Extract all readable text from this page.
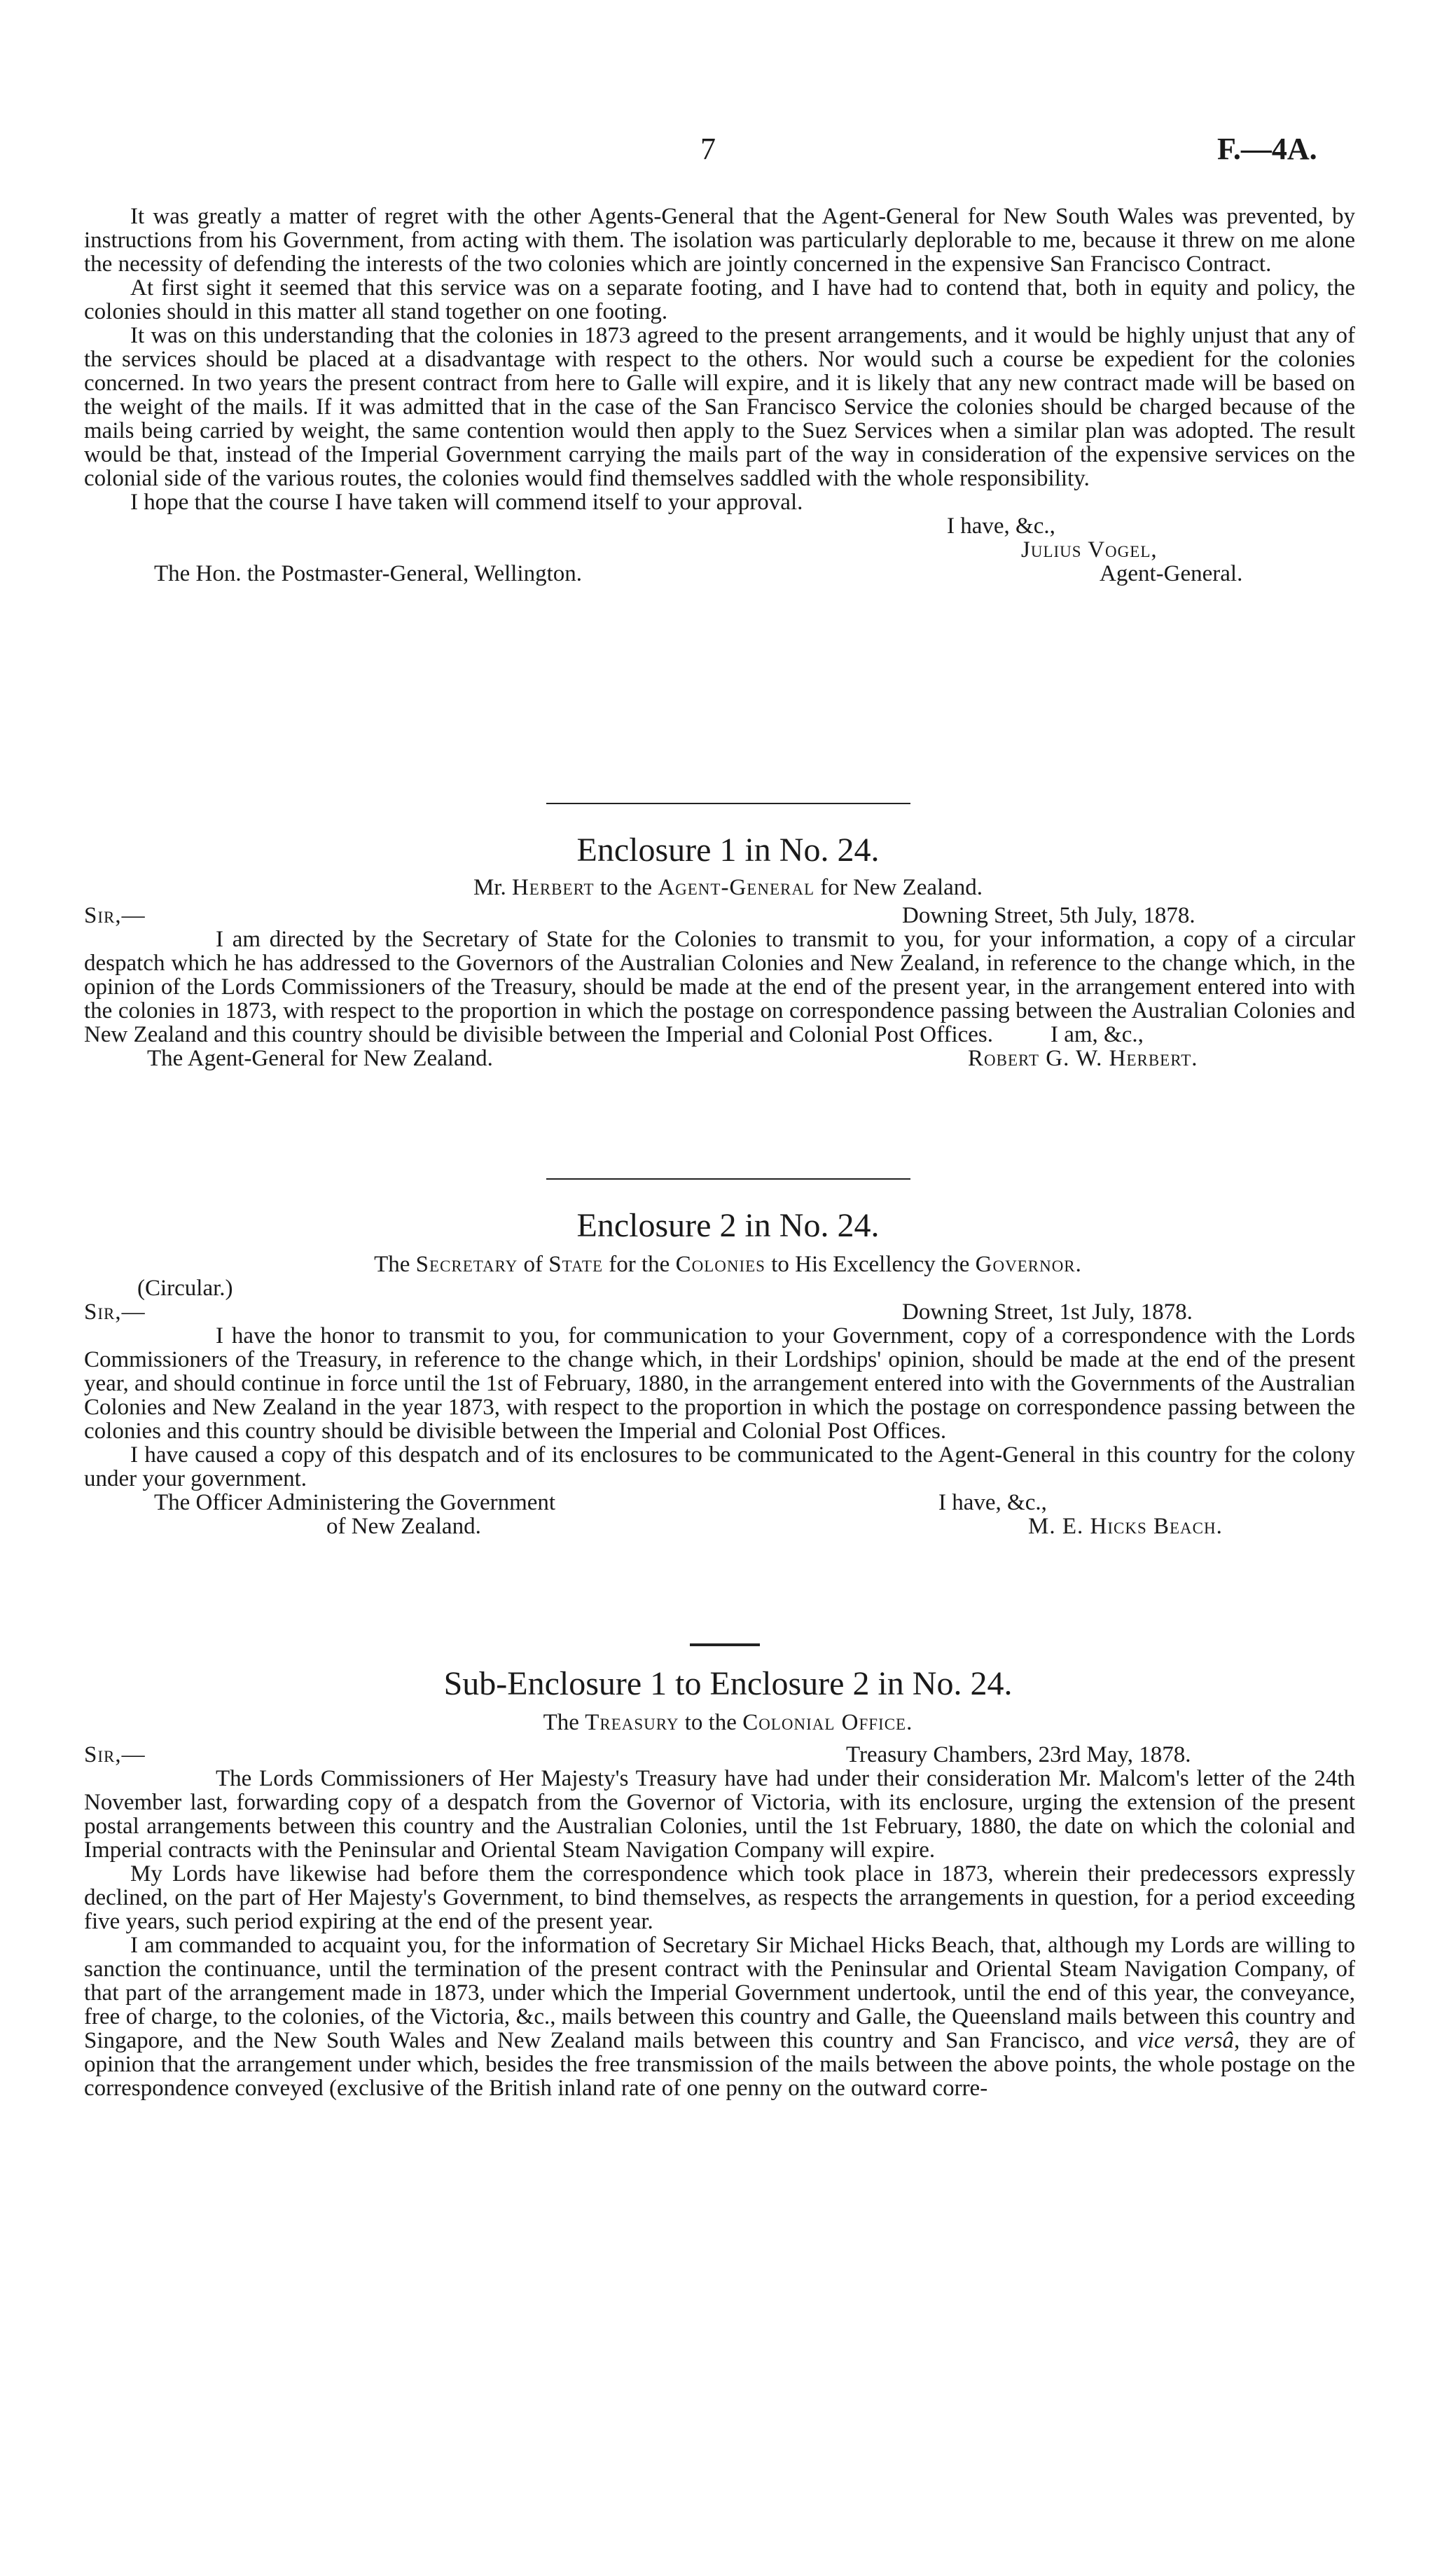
7	F.—4A.

It was greatly a matter of regret with the other Agents-General that the Agent-General for New South Wales was prevented, by instructions from his Government, from acting with them. The isolation was particularly deplorable to me, because it threw on me alone the necessity of defending the interests of the two colonies which are jointly concerned in the expensive San Francisco Contract.

At first sight it seemed that this service was on a separate footing, and I have had to contend that, both in equity and policy, the colonies should in this matter all stand together on one footing.

It was on this understanding that the colonies in 1873 agreed to the present arrangements, and it would be highly unjust that any of the services should be placed at a disadvantage with respect to the others. Nor would such a course be expedient for the colonies concerned. In two years the present contract from here to Galle will expire, and it is likely that any new contract made will be based on the weight of the mails. If it was admitted that in the case of the San Francisco Service the colonies should be charged because of the mails being carried by weight, the same contention would then apply to the Suez Services when a similar plan was adopted. The result would be that, instead of the Imperial Government carrying the mails part of the way in consideration of the expensive services on the colonial side of the various routes, the colonies would find themselves saddled with the whole responsibility.

I hope that the course I have taken will commend itself to your approval.

I have, &c.,
Julius Vogel,
The Hon. the Postmaster-General, Wellington.	Agent-General.
Enclosure 1 in No. 24.
Mr. Herbert to the Agent-General for New Zealand.
Sir,—	Downing Street, 5th July, 1878.

I am directed by the Secretary of State for the Colonies to transmit to you, for your information, a copy of a circular despatch which he has addressed to the Governors of the Australian Colonies and New Zealand, in reference to the change which, in the opinion of the Lords Commissioners of the Treasury, should be made at the end of the present year, in the arrangement entered into with the colonies in 1873, with respect to the proportion in which the postage on correspondence passing between the Australian Colonies and New Zealand and this country should be divisible between the Imperial and Colonial Post Offices.	I am, &c.,
The Agent-General for New Zealand.	Robert G. W. Herbert.
Enclosure 2 in No. 24.
The Secretary of State for the Colonies to His Excellency the Governor.
(Circular.)
Sir,—	Downing Street, 1st July, 1878.

I have the honor to transmit to you, for communication to your Government, copy of a correspondence with the Lords Commissioners of the Treasury, in reference to the change which, in their Lordships' opinion, should be made at the end of the present year, and should continue in force until the 1st of February, 1880, in the arrangement entered into with the Governments of the Australian Colonies and New Zealand in the year 1873, with respect to the proportion in which the postage on correspondence passing between the colonies and this country should be divisible between the Imperial and Colonial Post Offices.

I have caused a copy of this despatch and of its enclosures to be communicated to the Agent-General in this country for the colony under your government.

The Officer Administering the Government	I have, &c.,
of New Zealand.	M. E. Hicks Beach.
Sub-Enclosure 1 to Enclosure 2 in No. 24.
The Treasury to the Colonial Office.
Sir,—	Treasury Chambers, 23rd May, 1878.

The Lords Commissioners of Her Majesty's Treasury have had under their consideration Mr. Malcom's letter of the 24th November last, forwarding copy of a despatch from the Governor of Victoria, with its enclosure, urging the extension of the present postal arrangements between this country and the Australian Colonies, until the 1st February, 1880, the date on which the colonial and Imperial contracts with the Peninsular and Oriental Steam Navigation Company will expire.

My Lords have likewise had before them the correspondence which took place in 1873, wherein their predecessors expressly declined, on the part of Her Majesty's Government, to bind themselves, as respects the arrangements in question, for a period exceeding five years, such period expiring at the end of the present year.

I am commanded to acquaint you, for the information of Secretary Sir Michael Hicks Beach, that, although my Lords are willing to sanction the continuance, until the termination of the present contract with the Peninsular and Oriental Steam Navigation Company, of that part of the arrangement made in 1873, under which the Imperial Government undertook, until the end of this year, the conveyance, free of charge, to the colonies, of the Victoria, &c., mails between this country and Galle, the Queensland mails between this country and Singapore, and the New South Wales and New Zealand mails between this country and San Francisco, and vice versâ, they are of opinion that the arrangement under which, besides the free transmission of the mails between the above points, the whole postage on the correspondence conveyed (exclusive of the British inland rate of one penny on the outward corre-
